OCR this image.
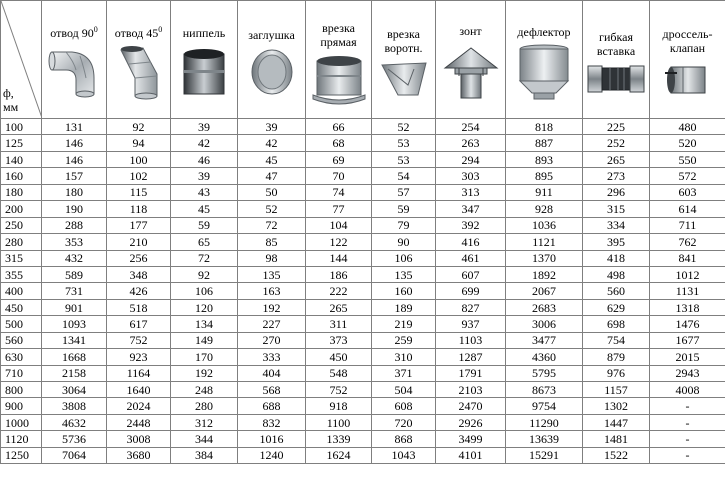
ф,
мм	отвод $90^0$	отвод $45^0$	ниппель	заглушка	врезка прямая	врезка воротн.	зонт	дефлектор	гибкая вставка	дроссель-клапан

100	131	92	39	39	66	52	254	818	225	480
125	146	94	42	42	68	53	263	887	252	520
140	146	100	46	45	69	53	294	893	265	550
160	157	102	39	47	70	54	303	895	273	572
180	180	115	43	50	74	57	313	911	296	603
200	190	118	45	52	77	59	347	928	315	614
250	288	177	59	72	104	79	392	1036	334	711
280	353	210	65	85	122	90	416	1121	395	762
315	432	256	72	98	144	106	461	1370	418	841
355	589	348	92	135	186	135	607	1892	498	1012
400	731	426	106	163	222	160	699	2067	560	1131
450	901	518	120	192	265	189	827	2683	629	1318
500	1093	617	134	227	311	219	937	3006	698	1476
560	1341	752	149	270	373	259	1103	3477	754	1677
630	1668	923	170	333	450	310	1287	4360	879	2015
710	2158	1164	192	404	548	371	1791	5795	976	2943
800	3064	1640	248	568	752	504	2103	8673	1157	4008
900	3808	2024	280	688	918	608	2470	9754	1302	-
1000	4632	2448	312	832	1100	720	2926	11290	1447	-
1120	5736	3008	344	1016	1339	868	3499	13639	1481	-
1250	7064	3680	384	1240	1624	1043	4101	15291	1522	-
